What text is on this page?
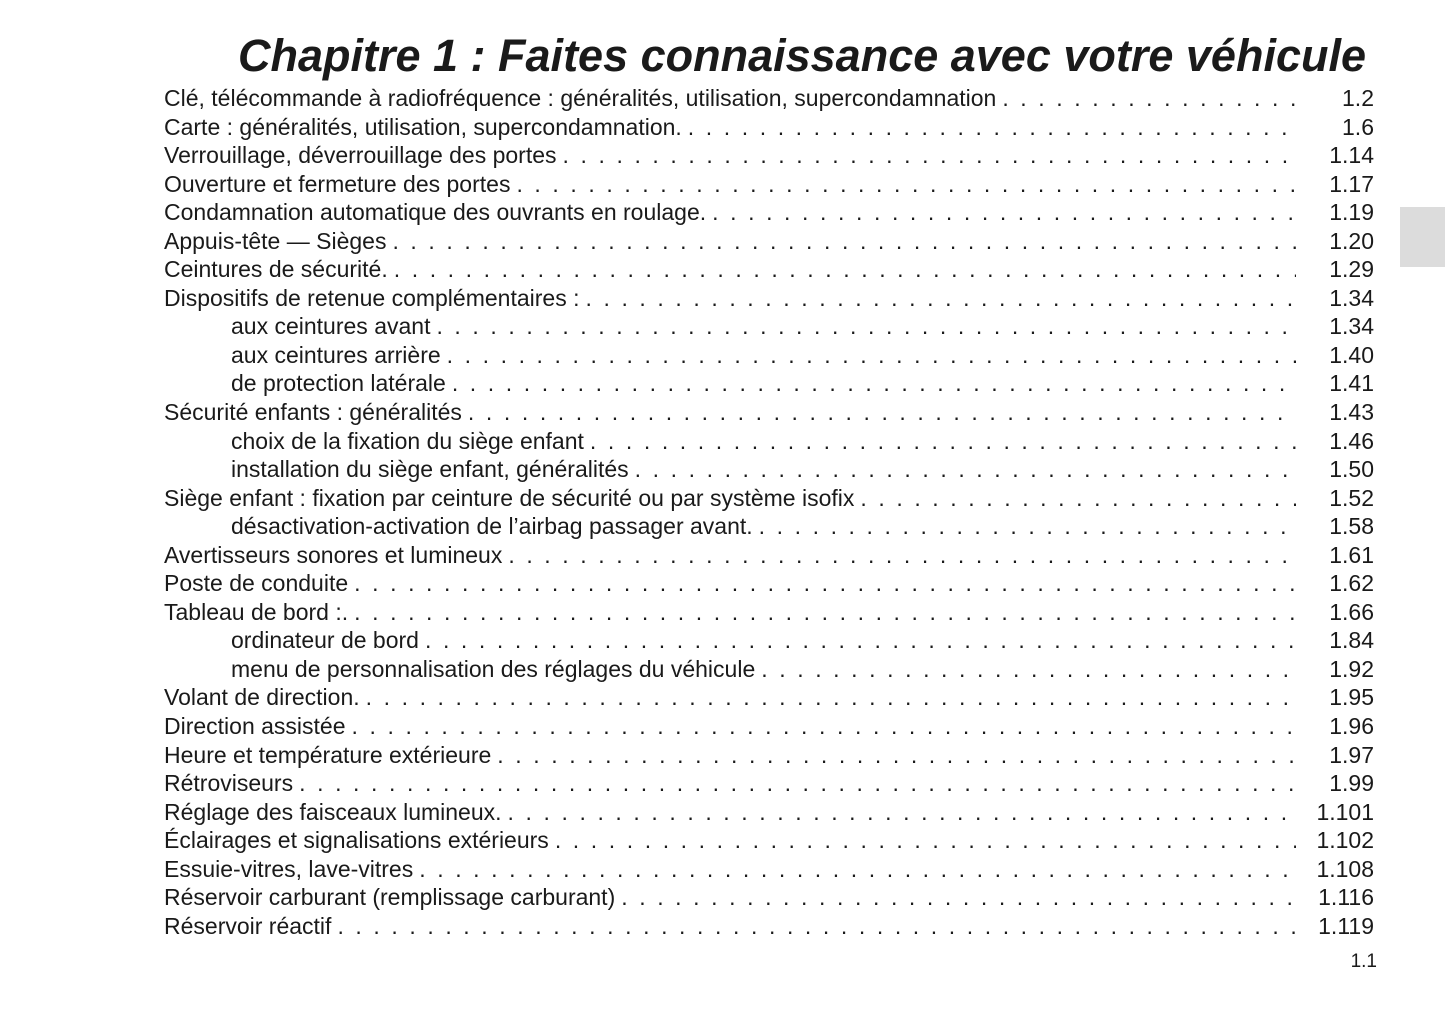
Chapitre 1 : Faites connaissance avec votre véhicule
Clé, télécommande à radiofréquence : généralités, utilisation, supercondamnation . . .	1.2
Carte : généralités, utilisation, supercondamnation. . . .	1.6
Verrouillage, déverrouillage des portes . . .	1.14
Ouverture et fermeture des portes . . .	1.17
Condamnation automatique des ouvrants en roulage. . . .	1.19
Appuis-tête — Sièges . . .	1.20
Ceintures de sécurité. . . .	1.29
Dispositifs de retenue complémentaires : . . .	1.34
aux ceintures avant . . .	1.34
aux ceintures arrière . . .	1.40
de protection latérale . . .	1.41
Sécurité enfants : généralités . . .	1.43
choix de la fixation du siège enfant . . .	1.46
installation du siège enfant, généralités . . .	1.50
Siège enfant : fixation par ceinture de sécurité ou par système isofix . . .	1.52
désactivation-activation de l’airbag passager avant. . . .	1.58
Avertisseurs sonores et lumineux . . .	1.61
Poste de conduite . . .	1.62
Tableau de bord :. . . .	1.66
ordinateur de bord . . .	1.84
menu de personnalisation des réglages du véhicule . . .	1.92
Volant de direction. . . .	1.95
Direction assistée . . .	1.96
Heure et température extérieure . . .	1.97
Rétroviseurs . . .	1.99
Réglage des faisceaux lumineux. . . .	1.101
Éclairages et signalisations extérieurs . . .	1.102
Essuie-vitres, lave-vitres . . .	1.108
Réservoir carburant (remplissage carburant) . . .	1.116
Réservoir réactif . . .	1.119
1.1
